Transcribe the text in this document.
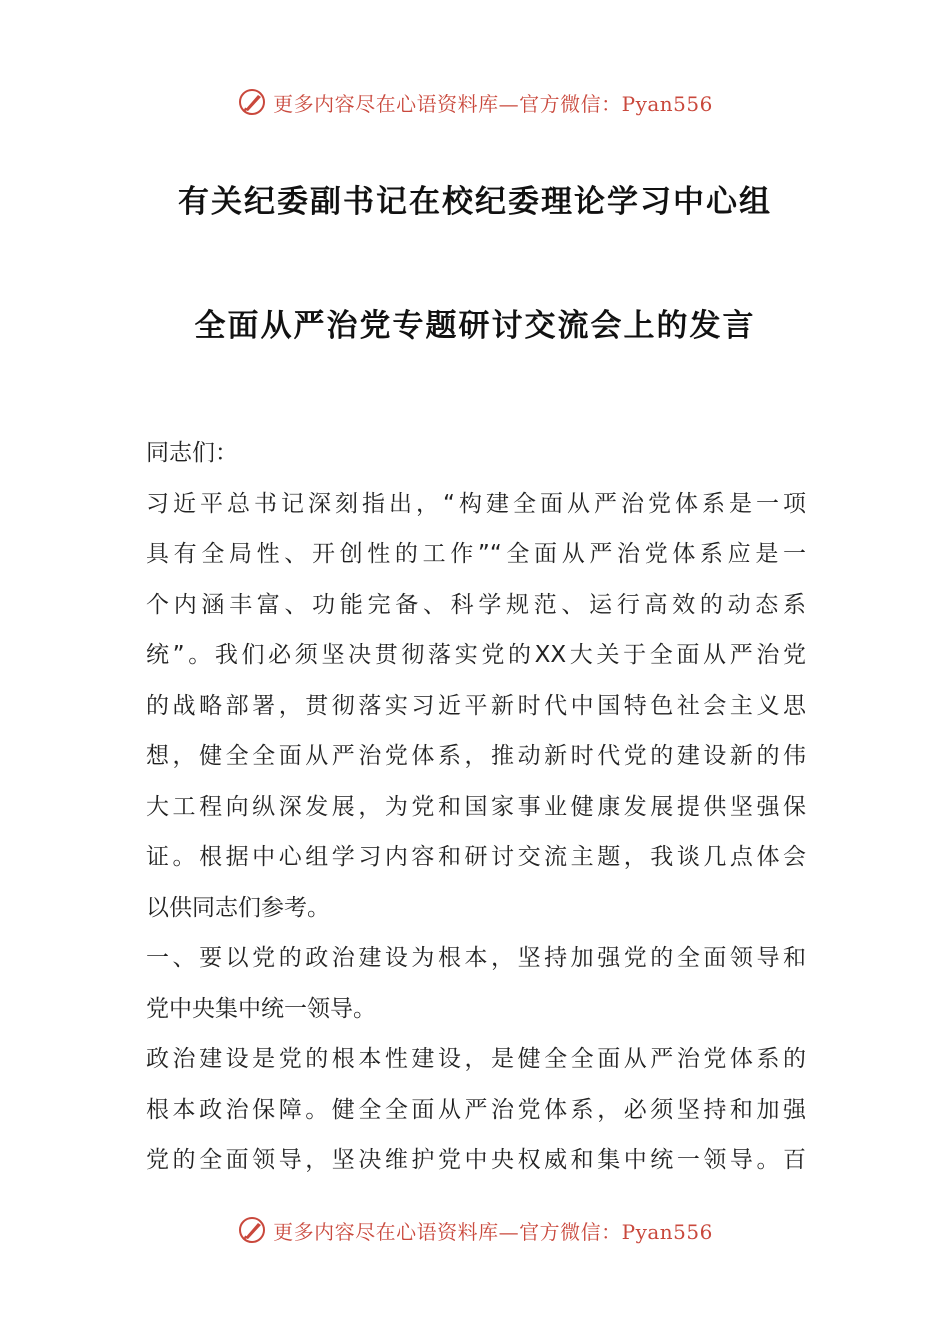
更多内容尽在心语资料库—官方微信：Pyan556
有关纪委副书记在校纪委理论学习中心组
全面从严治党专题研讨交流会上的发言
同志们：
习近平总书记深刻指出，“构建全面从严治党体系是一项
具有全局性、开创性的工作”“全面从严治党体系应是一
个内涵丰富、功能完备、科学规范、运行高效的动态系
统”。我们必须坚决贯彻落实党的XX大关于全面从严治党
的战略部署，贯彻落实习近平新时代中国特色社会主义思
想，健全全面从严治党体系，推动新时代党的建设新的伟
大工程向纵深发展，为党和国家事业健康发展提供坚强保
证。根据中心组学习内容和研讨交流主题，我谈几点体会
以供同志们参考。
一、要以党的政治建设为根本，坚持加强党的全面领导和
党中央集中统一领导。
政治建设是党的根本性建设，是健全全面从严治党体系的
根本政治保障。健全全面从严治党体系，必须坚持和加强
党的全面领导，坚决维护党中央权威和集中统一领导。百
更多内容尽在心语资料库—官方微信：Pyan556
